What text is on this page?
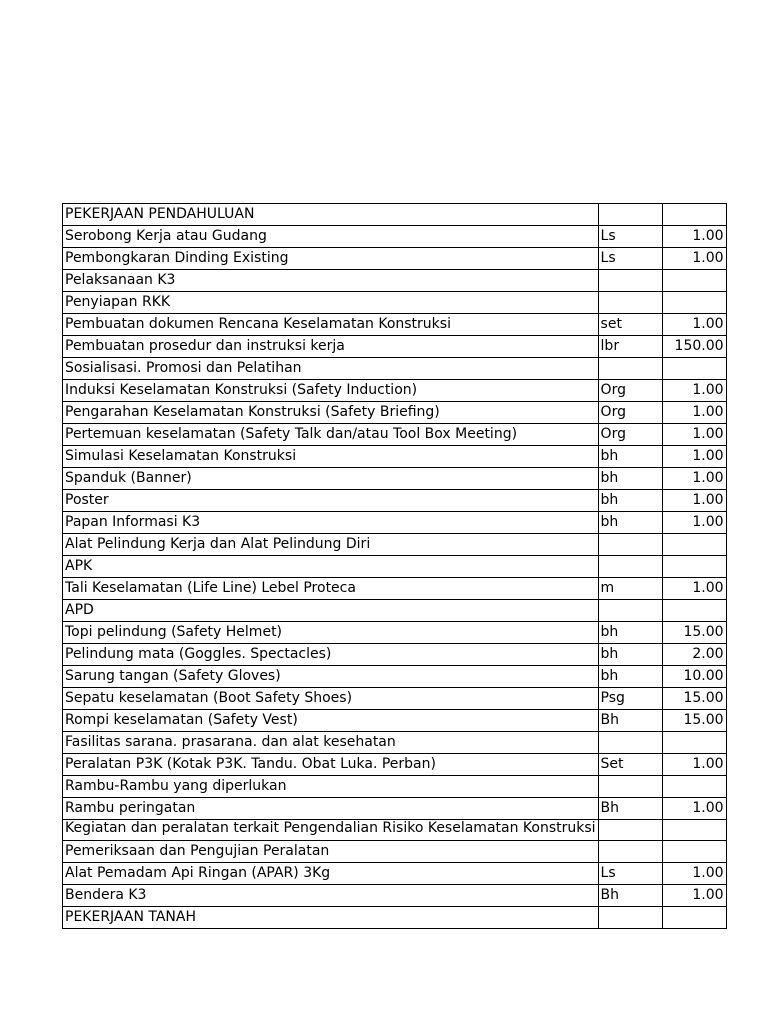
PEKERJAAN PENDAHULUAN		
Serobong Kerja atau Gudang	Ls	1.00
Pembongkaran Dinding Existing	Ls	1.00
Pelaksanaan K3		
Penyiapan RKK		
Pembuatan dokumen Rencana Keselamatan Konstruksi	set	1.00
Pembuatan prosedur dan instruksi kerja	lbr	150.00
Sosialisasi. Promosi dan Pelatihan		
Induksi Keselamatan Konstruksi (Safety Induction)	Org	1.00
Pengarahan Keselamatan Konstruksi (Safety Briefing)	Org	1.00
Pertemuan keselamatan (Safety Talk dan/atau Tool Box Meeting)	Org	1.00
Simulasi Keselamatan Konstruksi	bh	1.00
Spanduk (Banner)	bh	1.00
Poster	bh	1.00
Papan Informasi K3	bh	1.00
Alat Pelindung Kerja dan Alat Pelindung Diri		
APK		
Tali Keselamatan (Life Line) Lebel Proteca	m	1.00
APD		
Topi pelindung (Safety Helmet)	bh	15.00
Pelindung mata (Goggles. Spectacles)	bh	2.00
Sarung tangan (Safety Gloves)	bh	10.00
Sepatu keselamatan (Boot Safety Shoes)	Psg	15.00
Rompi keselamatan (Safety Vest)	Bh	15.00
Fasilitas sarana. prasarana. dan alat kesehatan		
Peralatan P3K (Kotak P3K. Tandu. Obat Luka. Perban)	Set	1.00
Rambu-Rambu yang diperlukan		
Rambu peringatan	Bh	1.00

Kegiatan dan peralatan terkait Pengendalian Risiko Keselamatan Konstruksi		

Pemeriksaan dan Pengujian Peralatan		
Alat Pemadam Api Ringan (APAR) 3Kg	Ls	1.00
Bendera K3	Bh	1.00
PEKERJAAN TANAH		
